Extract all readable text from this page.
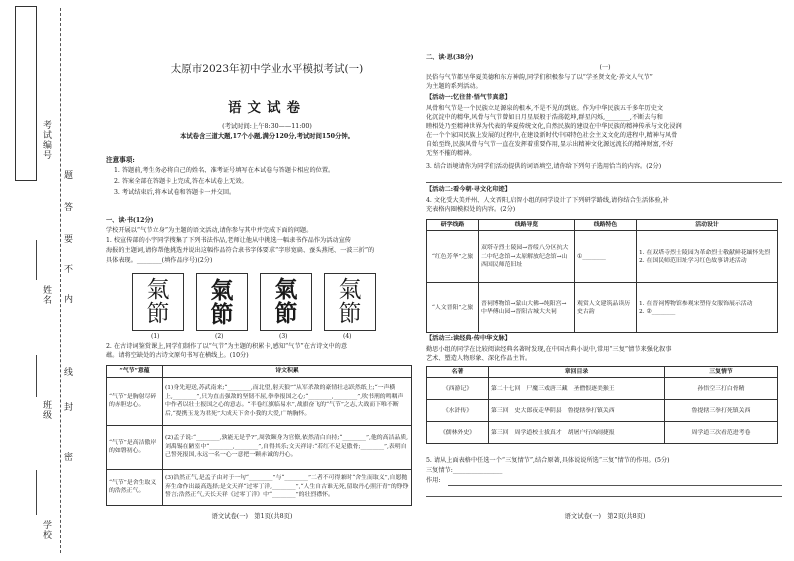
考试编号
姓名
班级
学校
题
答
要
不
内
线
封
密
太原市2023年初中学业水平模拟考试(一)
语文试卷
(考试时间:上午8:30——11:00)
本试卷含三道大题,17个小题,满分120分,考试时间150分钟。
注意事项:
1. 答题前,考生务必将自己的姓名、准考证号填写在本试卷与答题卡相应的位置。
2. 答案全部在答题卡上完成,答在本试卷上无效。
3. 考试结束后,将本试卷和答题卡一并交回。
一、读·书(12分)
学校开展以“气节立身”为主题的语文活动,请你参与其中并完成下面的问题。
1. 校宣传部的小宇同学搜集了下列书法作品,老师让他从中挑选一幅隶书作品作为活动宣传
海报的主题词,请你帮他挑选并说出这幅作品符合隶书字体要求“字形宽扁、蚕头燕尾、一波三折”的
具体表现。________(填作品序号)(2分)
氣節
(1)
氣節
(2)
氣節
(3)
氣節
(4)
2. 在古诗词鉴赏课上,同学们制作了以“气节”为主题的积累卡,感知“气节”在古诗文中的意
蕴。请将空缺处的古诗文原句书写在横线上。(10分)
“气节”意蕴	诗文积累
“气节”是胸射尽碎的赤胆忠心。	(1)身先迎送,苏武南来;“________,而北望,射天狼”“从军杀敌的豪情壮志跃然纸上;“一声横上,________”,只为直击强敌的坚韧不屈,拳拳报国之心;“________,________”,吹书刑的鸣咽声中作者以壮士报国之心的意志。“半卷红旗临易水”,战旗奋飞的“气节”之志,大战而下唯不断后,“提携玉龙为君死”大成天下舍小我的大爱,广纳胸怀。
“气节”是高洁傲岸的如磐初心。	(2)孟子说:“________,孰能无是乎?”,周敦颐身为官僚,依然清白自持;“________”,他的高洁品质,刘禹锡在陋室中“________,________”,自得其乐;文天祥诗:“若红不足足傲骨;________”,表明自己誓死报国,永远一名一心一意把一颗赤诚的丹心。
“气节”是舍生取义的浩然正气。	(3)浩然正气,是孟子由对于一句“________”与“________”二者不可得兼时“舍生而取义”,自愿抛弃生命作出最高选择;是文天祥“过零丁洋,________”,“人生自古谁无死,留取丹心照汗青”的铮铮誓言;浩然正气,天长天祥《过零丁洋》中“________”的壮烈襟怀。
语文试卷(一)　第1页(共8页)
二、读·思(38分)
(一)
民俗与气节都呈华夏美德和东方神韵,同学们积极参与了以“学圣贤文化·养文人气节”
为主题的系列活动。
【活动一:忆往昔·悟气节真意】
风骨和气节是一个民族立足源泉的根本,不是不见的到底。作为中华民族五千多年历史文
化沉淀中的精华,风骨与气节曾如日月星辰般于浩荡乾坤,群星闪烁,________,不断去与和
睦相处乃至精神世界为代表的华夏传统文化,自然民族的建设在中华民族的精神传承与文化浸润
在一个个家国民族上发展的过程中,在建设新时代中国特色社会主义文化的进程中,精神与风骨
自始至终,民族风骨与气节一直在发挥着重要作用,显示出精神文化源远流长的精神财富,不好
无坚不摧的精神。
3. 结合语境请你为同学们活动提供的词语填空,请你给下列句子选用恰当的内容。(2分)
【活动二:看今朝·寻文化印迹】
4. 文化受大美并州、人文晋阳,启智小组的同学设计了下列研学路线,请你结合生活体验,补
充表格内圈模拟处的内容。(2分)
研学线路	线路导览	线路特色	活动设计
“红色芳华”之旅	双塔寺烈士陵园→晋绥八分区抗大二中纪念馆→太原解放纪念馆→山西国民师范旧址	①________	1. 在双塔寺烈士陵园为革命烈士敬献鲜花缅怀先烈
2. 在国民师范旧址学习红色故事讲述活动
“人文晋阳”之旅	晋祠博物馆→蒙山大佛→纯阳宫→中华傅山园→晋阳古城大夫祠	观赏人文建筑品读历史古韵	1. 在晋祠博物馆参观宋塑侍女服饰展示活动
2. ②________
【活动三:读经典·传中华文脉】
勤思小组的同学在比较阅读经典名著时发现,在中国古典小说中,常用“三复”情节来强化叙事
艺术、塑造人物形象、深化作品主旨。
名著	章回目录	三复情节
《西游记》	第二十七回　尸魔三戏唐三藏　圣僧恨逐美猴王	孙悟空三打白骨精
《水浒传》	第三回　史大郎夜走华阴县　鲁提辖拳打镇关西	鲁提辖三拳打死镇关西
《儒林外史》	第三回　周学道校士拔真才　胡屠户行凶闹捷报	周学道三次看范进考卷
5. 请从上面表格中任选一个“三复情节”,结合原著,具体说说所选“三复”情节的作用。(5分)
三复情节:________________
作用:
语文试卷(一)　第2页(共8页)
